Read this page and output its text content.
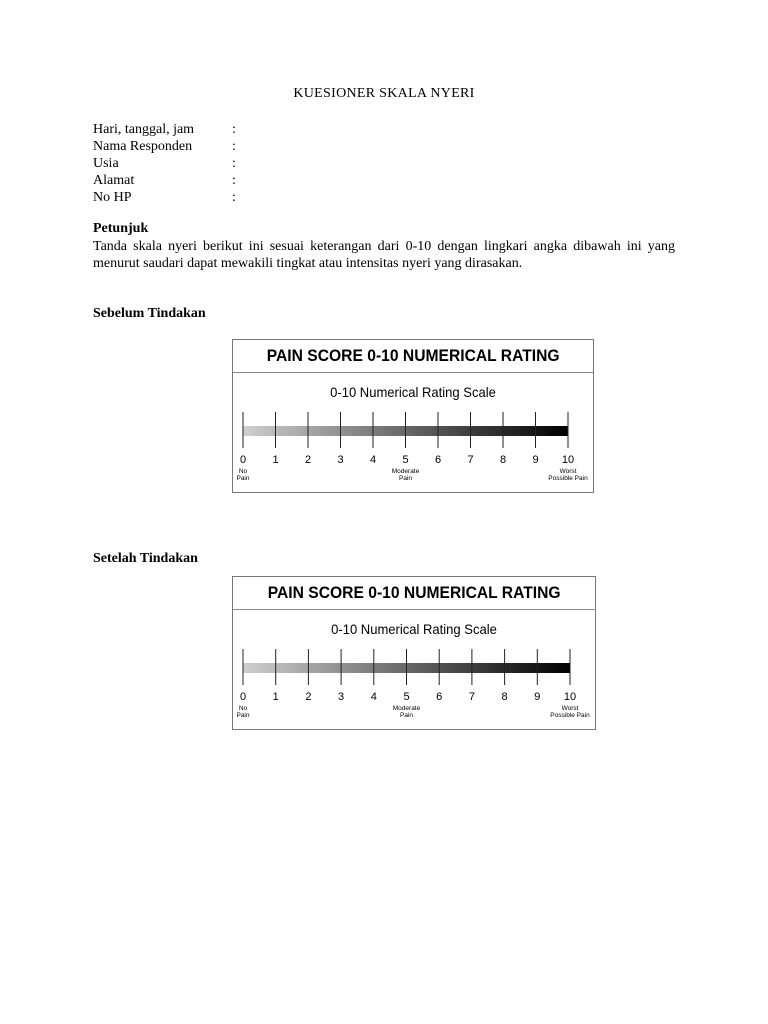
KUESIONER SKALA NYERI
Hari, tanggal, jam	:
Nama Responden	:
Usia	:
Alamat	:
No HP	:
Petunjuk
Tanda skala nyeri berikut ini sesuai keterangan dari 0-10 dengan lingkari angka dibawah ini yang menurut saudari dapat mewakili tingkat atau intensitas nyeri yang dirasakan.
Sebelum Tindakan
PAIN SCORE 0-10 NUMERICAL RATING
0-10 Numerical Rating Scale
0
No
Pain
1	2	3	4	5
Moderate
Pain
6	7	8	9	10
Worst
Possible Pain
Setelah Tindakan
PAIN SCORE 0-10 NUMERICAL RATING
0-10 Numerical Rating Scale
0
No
Pain
1	2	3	4	5
Moderate
Pain
6	7	8	9	10
Worst
Possible Pain
